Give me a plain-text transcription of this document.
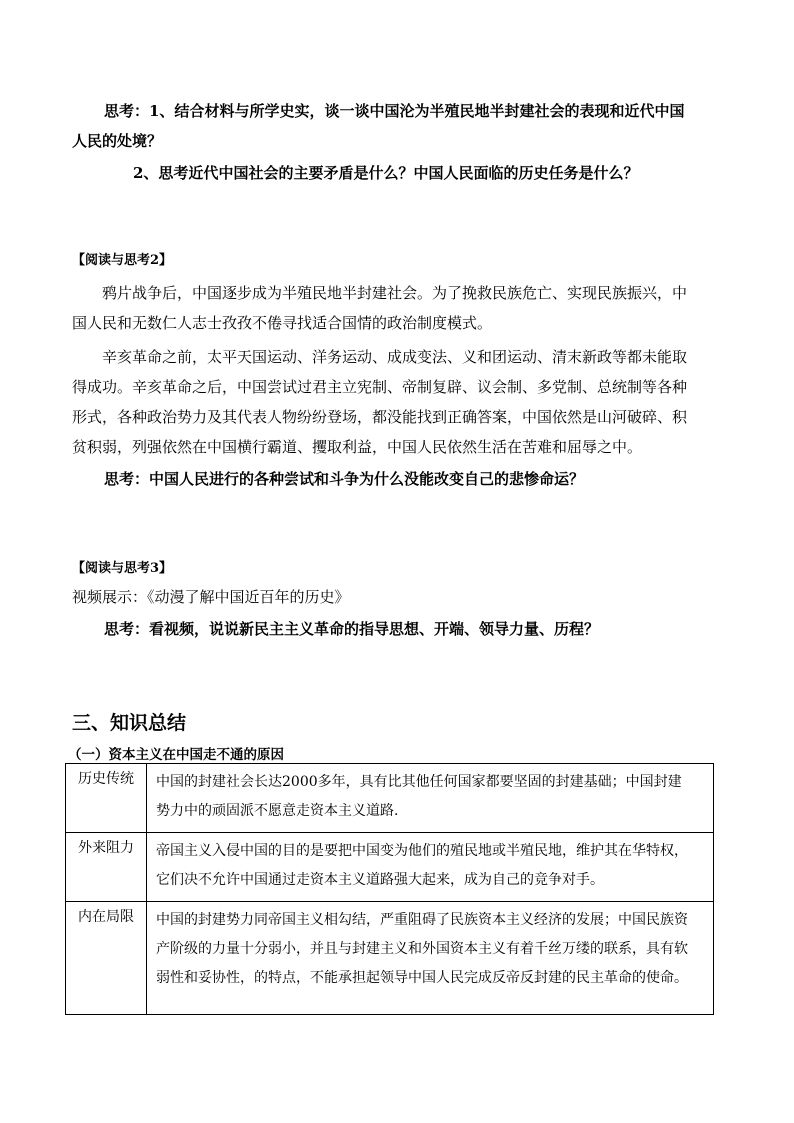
思考：1、结合材料与所学史实，谈一谈中国沦为半殖民地半封建社会的表现和近代中国
人民的处境？
2、思考近代中国社会的主要矛盾是什么？中国人民面临的历史任务是什么？
【阅读与思考2】
鸦片战争后，中国逐步成为半殖民地半封建社会。为了挽救民族危亡、实现民族振兴，中
国人民和无数仁人志士孜孜不倦寻找适合国情的政治制度模式。
辛亥革命之前，太平天国运动、洋务运动、成成变法、义和团运动、清末新政等都未能取
得成功。辛亥革命之后，中国尝试过君主立宪制、帝制复辟、议会制、多党制、总统制等各种
形式，各种政治势力及其代表人物纷纷登场，都没能找到正确答案，中国依然是山河破碎、积
贫积弱，列强依然在中国横行霸道、攫取利益，中国人民依然生活在苦难和屈辱之中。
思考：中国人民进行的各种尝试和斗争为什么没能改变自己的悲惨命运？
【阅读与思考3】
视频展示：《动漫了解中国近百年的历史》
思考：看视频，说说新民主主义革命的指导思想、开端、领导力量、历程？
三、知识总结
（一）资本主义在中国走不通的原因
历史传统	中国的封建社会长达2000多年，具有比其他任何国家都要坚固的封建基础；中国封建
势力中的顽固派不愿意走资本主义道路.

外来阻力	帝国主义入侵中国的目的是要把中国变为他们的殖民地或半殖民地，维护其在华特权，
它们决不允许中国通过走资本主义道路强大起来，成为自己的竞争对手。

内在局限	中国的封建势力同帝国主义相勾结，严重阻碍了民族资本主义经济的发展；中国民族资
产阶级的力量十分弱小，并且与封建主义和外国资本主义有着千丝万缕的联系，具有软
弱性和妥协性，的特点，不能承担起领导中国人民完成反帝反封建的民主革命的使命。
